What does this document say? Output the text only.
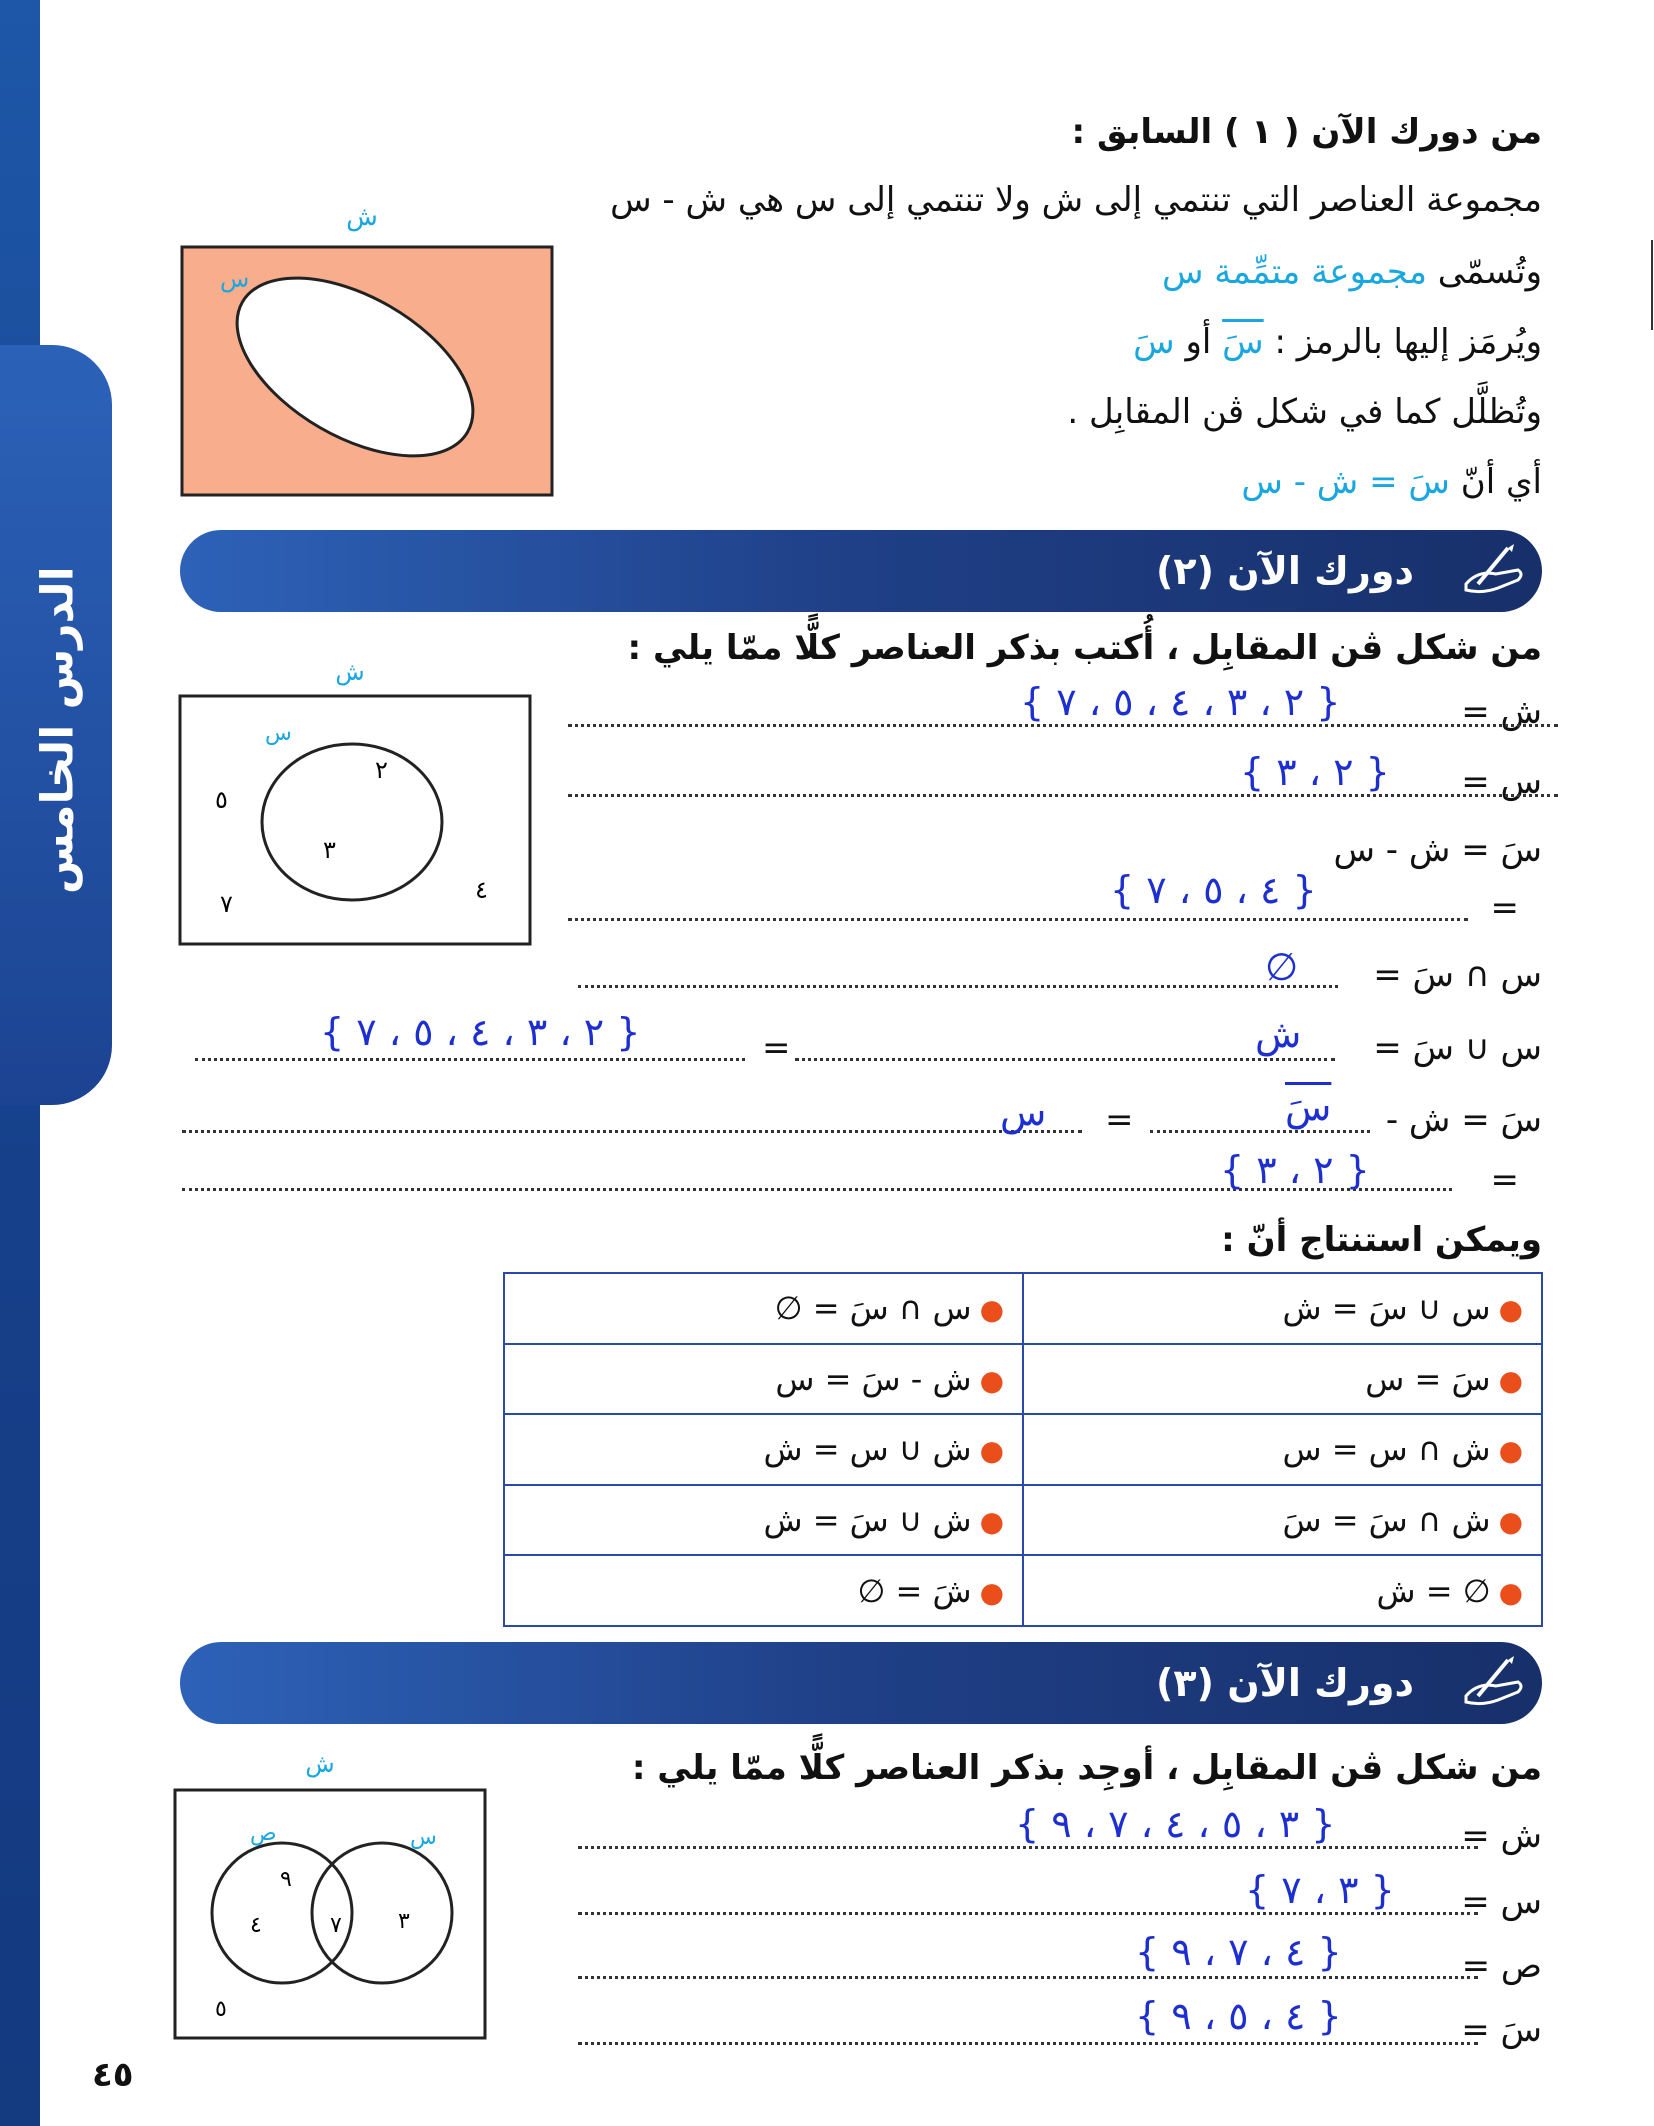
الدرس الخامس
من دورك الآن ( ١ ) السابق :
مجموعة العناصر التي تنتمي إلى ش ولا تنتمي إلى س هي ش - س
وتُسمّى مجموعة متمِّمة س
ويُرمَز إليها بالرمز : سَ أو سَ
وتُظلَّل كما في شكل ڤن المقابِل .
أي أنّ سَ = ش - س
ش
س
دورك الآن (٢)
من شكل ڤن المقابِل ، أُكتب بذكر العناصر كلًّا ممّا يلي :
ش
س
٢
٣
٥
٧	٤
ش =
{ ٢ ، ٣ ، ٤ ، ٥ ، ٧ }
س =
{ ٢ ، ٣ }
سَ = ش - س
=
{ ٤ ، ٥ ، ٧ }
س ∩ سَ =
∅
س ∪ سَ =
ش
=
{ ٢ ، ٣ ، ٤ ، ٥ ، ٧ }
سَ = ش -
سَ
=
س
=
{ ٢ ، ٣ }
ويمكن استنتاج أنّ :
●س ∩ سَ = ∅	●س ∪ سَ = ش
●ش - سَ = س	●سَ = س
●ش ∪ س = ش	●ش ∩ س = س
●ش ∪ سَ = ش	●ش ∩ سَ = سَ
●شَ = ∅	●∅ = ش
دورك الآن (٣)
من شكل ڤن المقابِل ، أوجِد بذكر العناصر كلًّا ممّا يلي :
ش
ص	س
٩
٤	٧	٣
٥
ش =
{ ٣ ، ٥ ، ٤ ، ٧ ، ٩ }
س =
{ ٣ ، ٧ }
ص =
{ ٤ ، ٧ ، ٩ }
سَ =
{ ٤ ، ٥ ، ٩ }
٤٥
